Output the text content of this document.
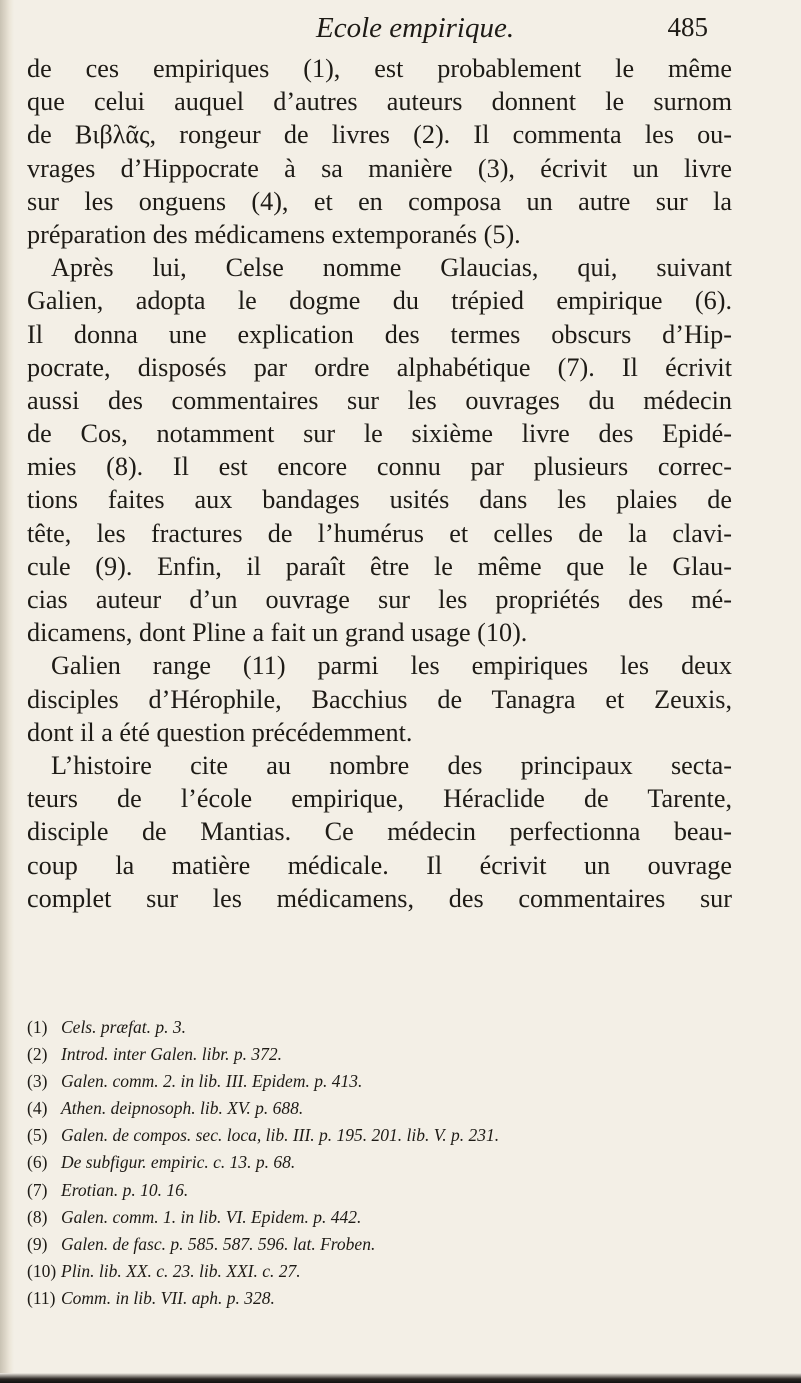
Ecole empirique.	485
de ces empiriques (1), est probablement le même
que celui auquel d’autres auteurs donnent le surnom
de Βιβλᾶς, rongeur de livres (2). Il commenta les ou-
vrages d’Hippocrate à sa manière (3), écrivit un livre
sur les onguens (4), et en composa un autre sur la
préparation des médicamens extemporanés (5).
Après lui, Celse nomme Glaucias, qui, suivant
Galien, adopta le dogme du trépied empirique (6).
Il donna une explication des termes obscurs d’Hip-
pocrate, disposés par ordre alphabétique (7). Il écrivit
aussi des commentaires sur les ouvrages du médecin
de Cos, notamment sur le sixième livre des Epidé-
mies (8). Il est encore connu par plusieurs correc-
tions faites aux bandages usités dans les plaies de
tête, les fractures de l’humérus et celles de la clavi-
cule (9). Enfin, il paraît être le même que le Glau-
cias auteur d’un ouvrage sur les propriétés des mé-
dicamens, dont Pline a fait un grand usage (10).
Galien range (11) parmi les empiriques les deux
disciples d’Hérophile, Bacchius de Tanagra et Zeuxis,
dont il a été question précédemment.
L’histoire cite au nombre des principaux secta-
teurs de l’école empirique, Héraclide de Tarente,
disciple de Mantias. Ce médecin perfectionna beau-
coup la matière médicale. Il écrivit un ouvrage
complet sur les médicamens, des commentaires sur
(1) Cels. præfat. p. 3.
(2) Introd. inter Galen. libr. p. 372.
(3) Galen. comm. 2. in lib. III. Epidem. p. 413.
(4) Athen. deipnosoph. lib. XV. p. 688.
(5) Galen. de compos. sec. loca, lib. III. p. 195. 201. lib. V. p. 231.
(6) De subfigur. empiric. c. 13. p. 68.
(7) Erotian. p. 10. 16.
(8) Galen. comm. 1. in lib. VI. Epidem. p. 442.
(9) Galen. de fasc. p. 585. 587. 596. lat. Froben.
(10) Plin. lib. XX. c. 23. lib. XXI. c. 27.
(11) Comm. in lib. VII. aph. p. 328.
